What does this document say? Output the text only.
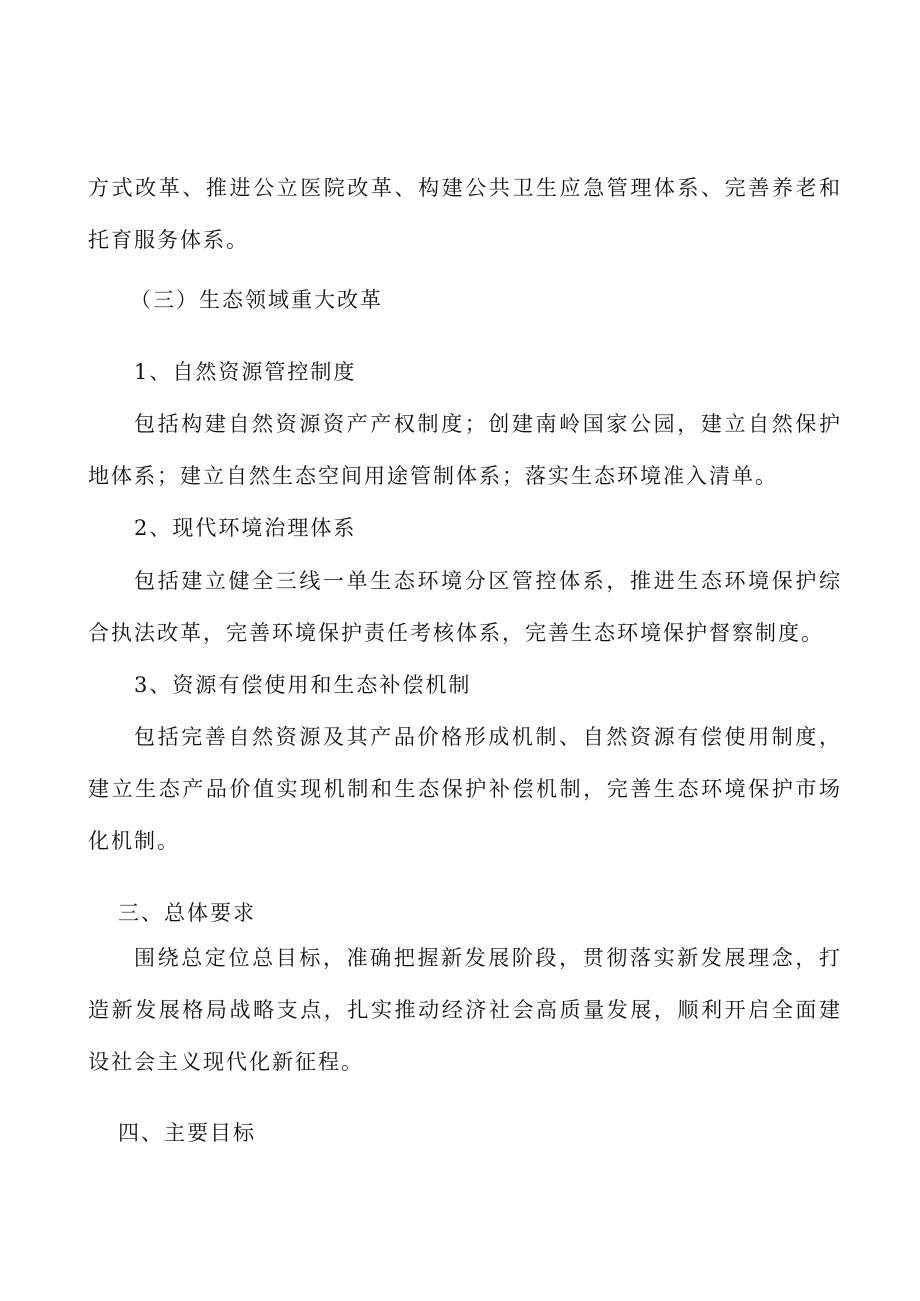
方式改革、推进公立医院改革、构建公共卫生应急管理体系、完善养老和

托育服务体系。

（三）生态领域重大改革

1、自然资源管控制度

包括构建自然资源资产产权制度；创建南岭国家公园，建立自然保护

地体系；建立自然生态空间用途管制体系；落实生态环境准入清单。

2、现代环境治理体系

包括建立健全三线一单生态环境分区管控体系，推进生态环境保护综

合执法改革，完善环境保护责任考核体系，完善生态环境保护督察制度。

3、资源有偿使用和生态补偿机制

包括完善自然资源及其产品价格形成机制、自然资源有偿使用制度，

建立生态产品价值实现机制和生态保护补偿机制，完善生态环境保护市场

化机制。

三、总体要求

围绕总定位总目标，准确把握新发展阶段，贯彻落实新发展理念，打

造新发展格局战略支点，扎实推动经济社会高质量发展，顺利开启全面建

设社会主义现代化新征程。

四、主要目标
